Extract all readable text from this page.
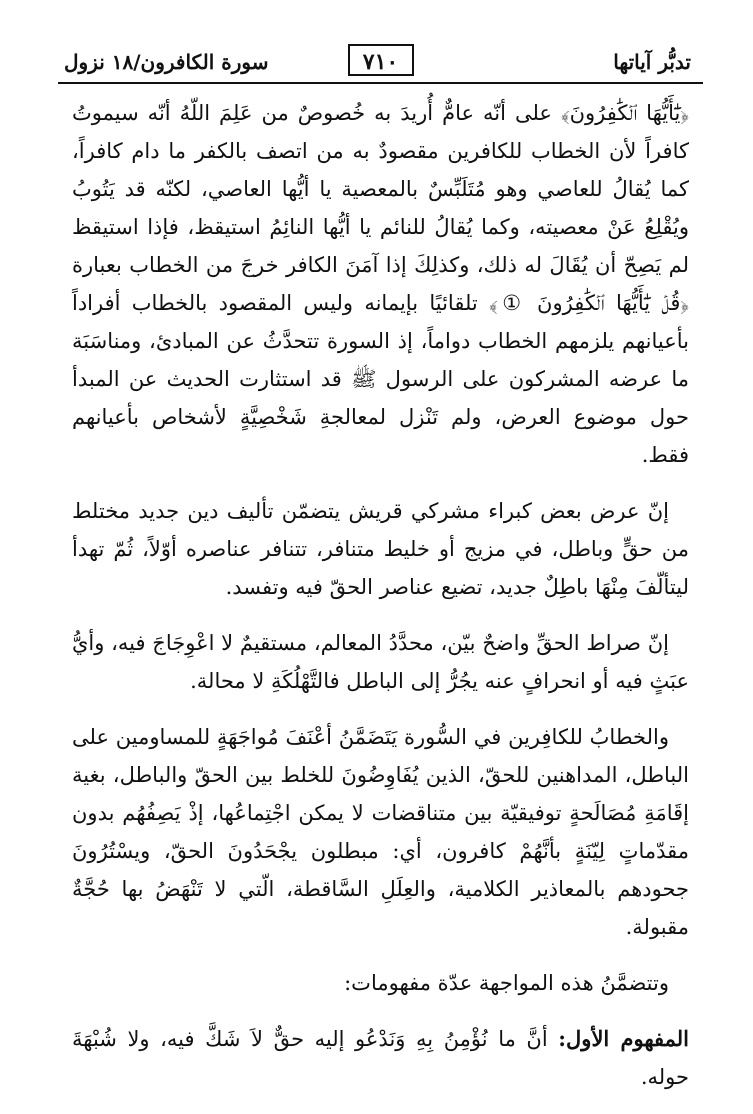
تدبُّر آياتها
٧١٠
سورة الكافرون/١٨ نزول

﴿يَٰٓأَيُّهَا ٱلۡكَٰفِرُونَ﴾ على أنّه عامٌّ أُريدَ به خُصوصٌ من عَلِمَ اللّهُ أنّه سيموتُ كافراً لأن الخطاب للكافرين مقصودٌ به من اتصف بالكفر ما دام كافراً، كما يُقالُ للعاصي وهو مُتَلَبِّسٌ بالمعصية يا أيُّها العاصي، لكنّه قد يَتُوبُ ويُقْلِعُ عَنْ معصيته، وكما يُقالُ للنائم يا أيُّها النائِمُ استيقظ، فإذا استيقظ لم يَصِحّ أن يُقَالَ له ذلك، وكذلِكَ إذا آمَنَ الكافر خرجَ من الخطاب بعبارة ﴿قُلۡ يَٰٓأَيُّهَا ٱلۡكَٰفِرُونَ ①﴾ تلقائيًا بإيمانه وليس المقصود بالخطاب أفراداً بأعيانهم يلزمهم الخطاب دواماً، إذ السورة تتحدَّثُ عن المبادئ، ومناسَبَة ما عرضه المشركون على الرسول ﷺ قد استثارت الحديث عن المبدأ حول موضوع العرض، ولم تَنْزل لمعالجةِ شَخْصِيَّةٍ لأشخاص بأعيانهم فقط.

إنّ عرض بعض كبراء مشركي قريش يتضمّن تأليف دين جديد مختلط من حقٍّ وباطل، في مزيج أو خليط متنافر، تتنافر عناصره أوّلاً، ثُمّ تهدأ ليتألّفَ مِنْهَا باطِلٌ جديد، تضيع عناصر الحقّ فيه وتفسد.

إنّ صراط الحقِّ واضحٌ بيّن، محدَّدُ المعالم، مستقيمٌ لا اعْوِجَاجَ فيه، وأيُّ عبَثٍ فيه أو انحرافٍ عنه يجُرُّ إلى الباطل فالتَّهْلُكَةِ لا محالة.

والخطابُ للكافِرين في السُّورة يَتَضَمَّنُ أعْنَفَ مُواجَهَةٍ للمساومين على الباطل، المداهنين للحقّ، الذين يُفَاوِضُونَ للخلط بين الحقّ والباطل، بغية إقَامَةِ مُصَالَحةٍ توفيقيّة بين متناقضات لا يمكن اجْتِماعُها، إذْ يَصِفُهُم بدون مقدّماتٍ لِيّنَةٍ بأنَّهُمْ كافرون، أي: مبطلون يجْحَدُونَ الحقّ، ويسْتُرُونَ جحودهم بالمعاذير الكلامية، والعِلَلِ السَّاقطة، الّتي لا تَنْهَضُ بها حُجَّةٌ مقبولة.

وتتضمَّنُ هذه المواجهة عدّة مفهومات:

المفهوم الأول: أنَّ ما نُؤْمِنُ بِهِ وَنَدْعُو إليه حقٌّ لاَ شَكَّ فيه، ولا شُبْهَةَ حوله.
